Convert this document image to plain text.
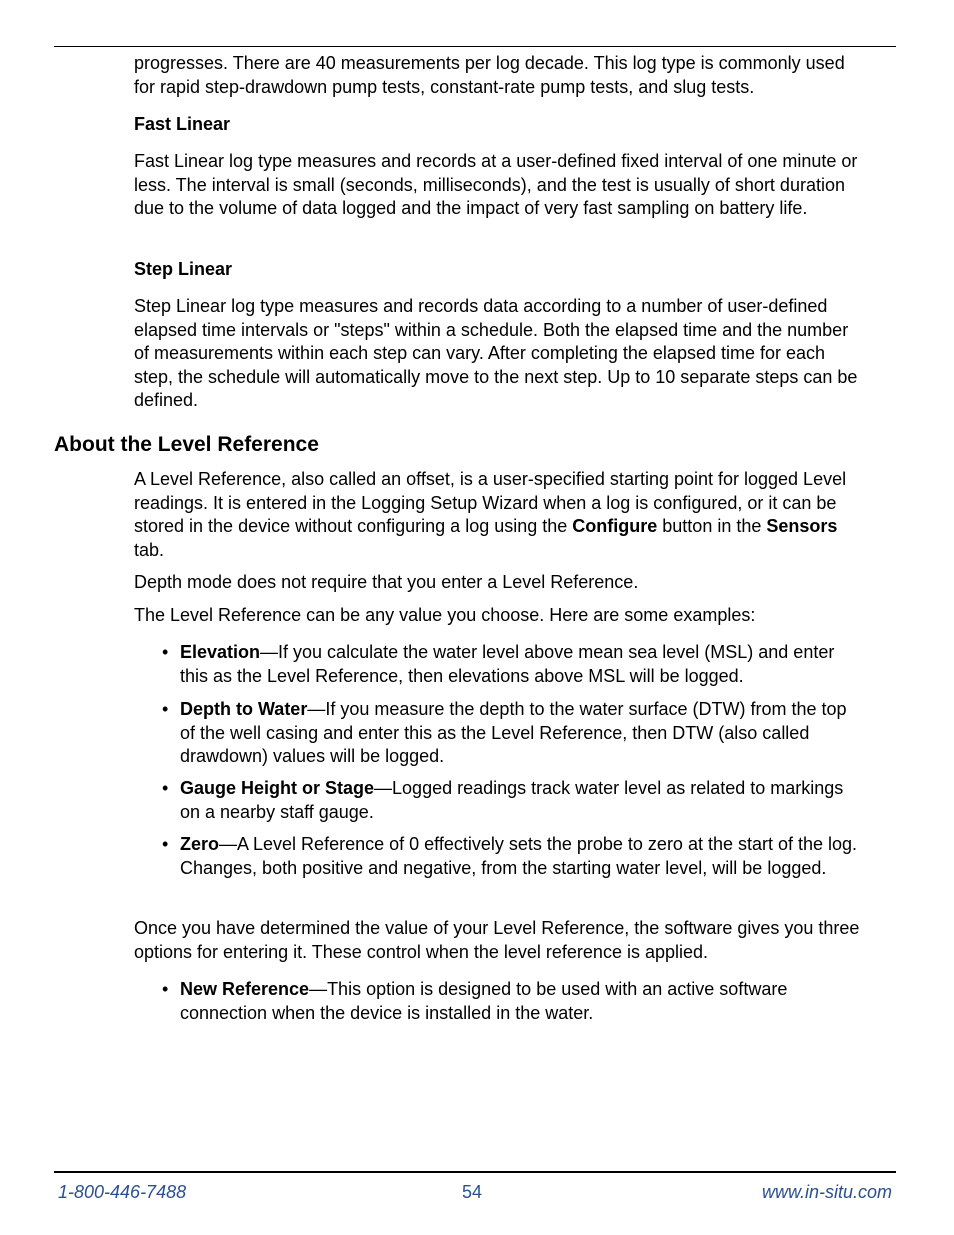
progresses. There are 40 measurements per log decade. This log type is commonly used for rapid step-drawdown pump tests, constant-rate pump tests, and slug tests.

Fast Linear

Fast Linear log type measures and records at a user-defined fixed interval of one minute or less. The interval is small (seconds, milliseconds), and the test is usually of short duration due to the volume of data logged and the impact of very fast sampling on battery life.

Step Linear

Step Linear log type measures and records data according to a number of user-defined elapsed time intervals or "steps" within a schedule. Both the elapsed time and the number of measurements within each step can vary. After completing the elapsed time for each step, the schedule will automatically move to the next step. Up to 10 separate steps can be defined.

About the Level Reference

A Level Reference, also called an offset, is a user-specified starting point for logged Level readings. It is entered in the Logging Setup Wizard when a log is configured, or it can be stored in the device without configuring a log using the Configure button in the Sensors tab.

Depth mode does not require that you enter a Level Reference.

The Level Reference can be any value you choose. Here are some examples:

• Elevation—If you calculate the water level above mean sea level (MSL) and enter this as the Level Reference, then elevations above MSL will be logged.
• Depth to Water—If you measure the depth to the water surface (DTW) from the top of the well casing and enter this as the Level Reference, then DTW (also called drawdown) values will be logged.
• Gauge Height or Stage—Logged readings track water level as related to markings on a nearby staff gauge.
• Zero—A Level Reference of 0 effectively sets the probe to zero at the start of the log. Changes, both positive and negative, from the starting water level, will be logged.

Once you have determined the value of your Level Reference, the software gives you three options for entering it. These control when the level reference is applied.

• New Reference—This option is designed to be used with an active software connection when the device is installed in the water.
1-800-446-7488	54	www.in-situ.com
